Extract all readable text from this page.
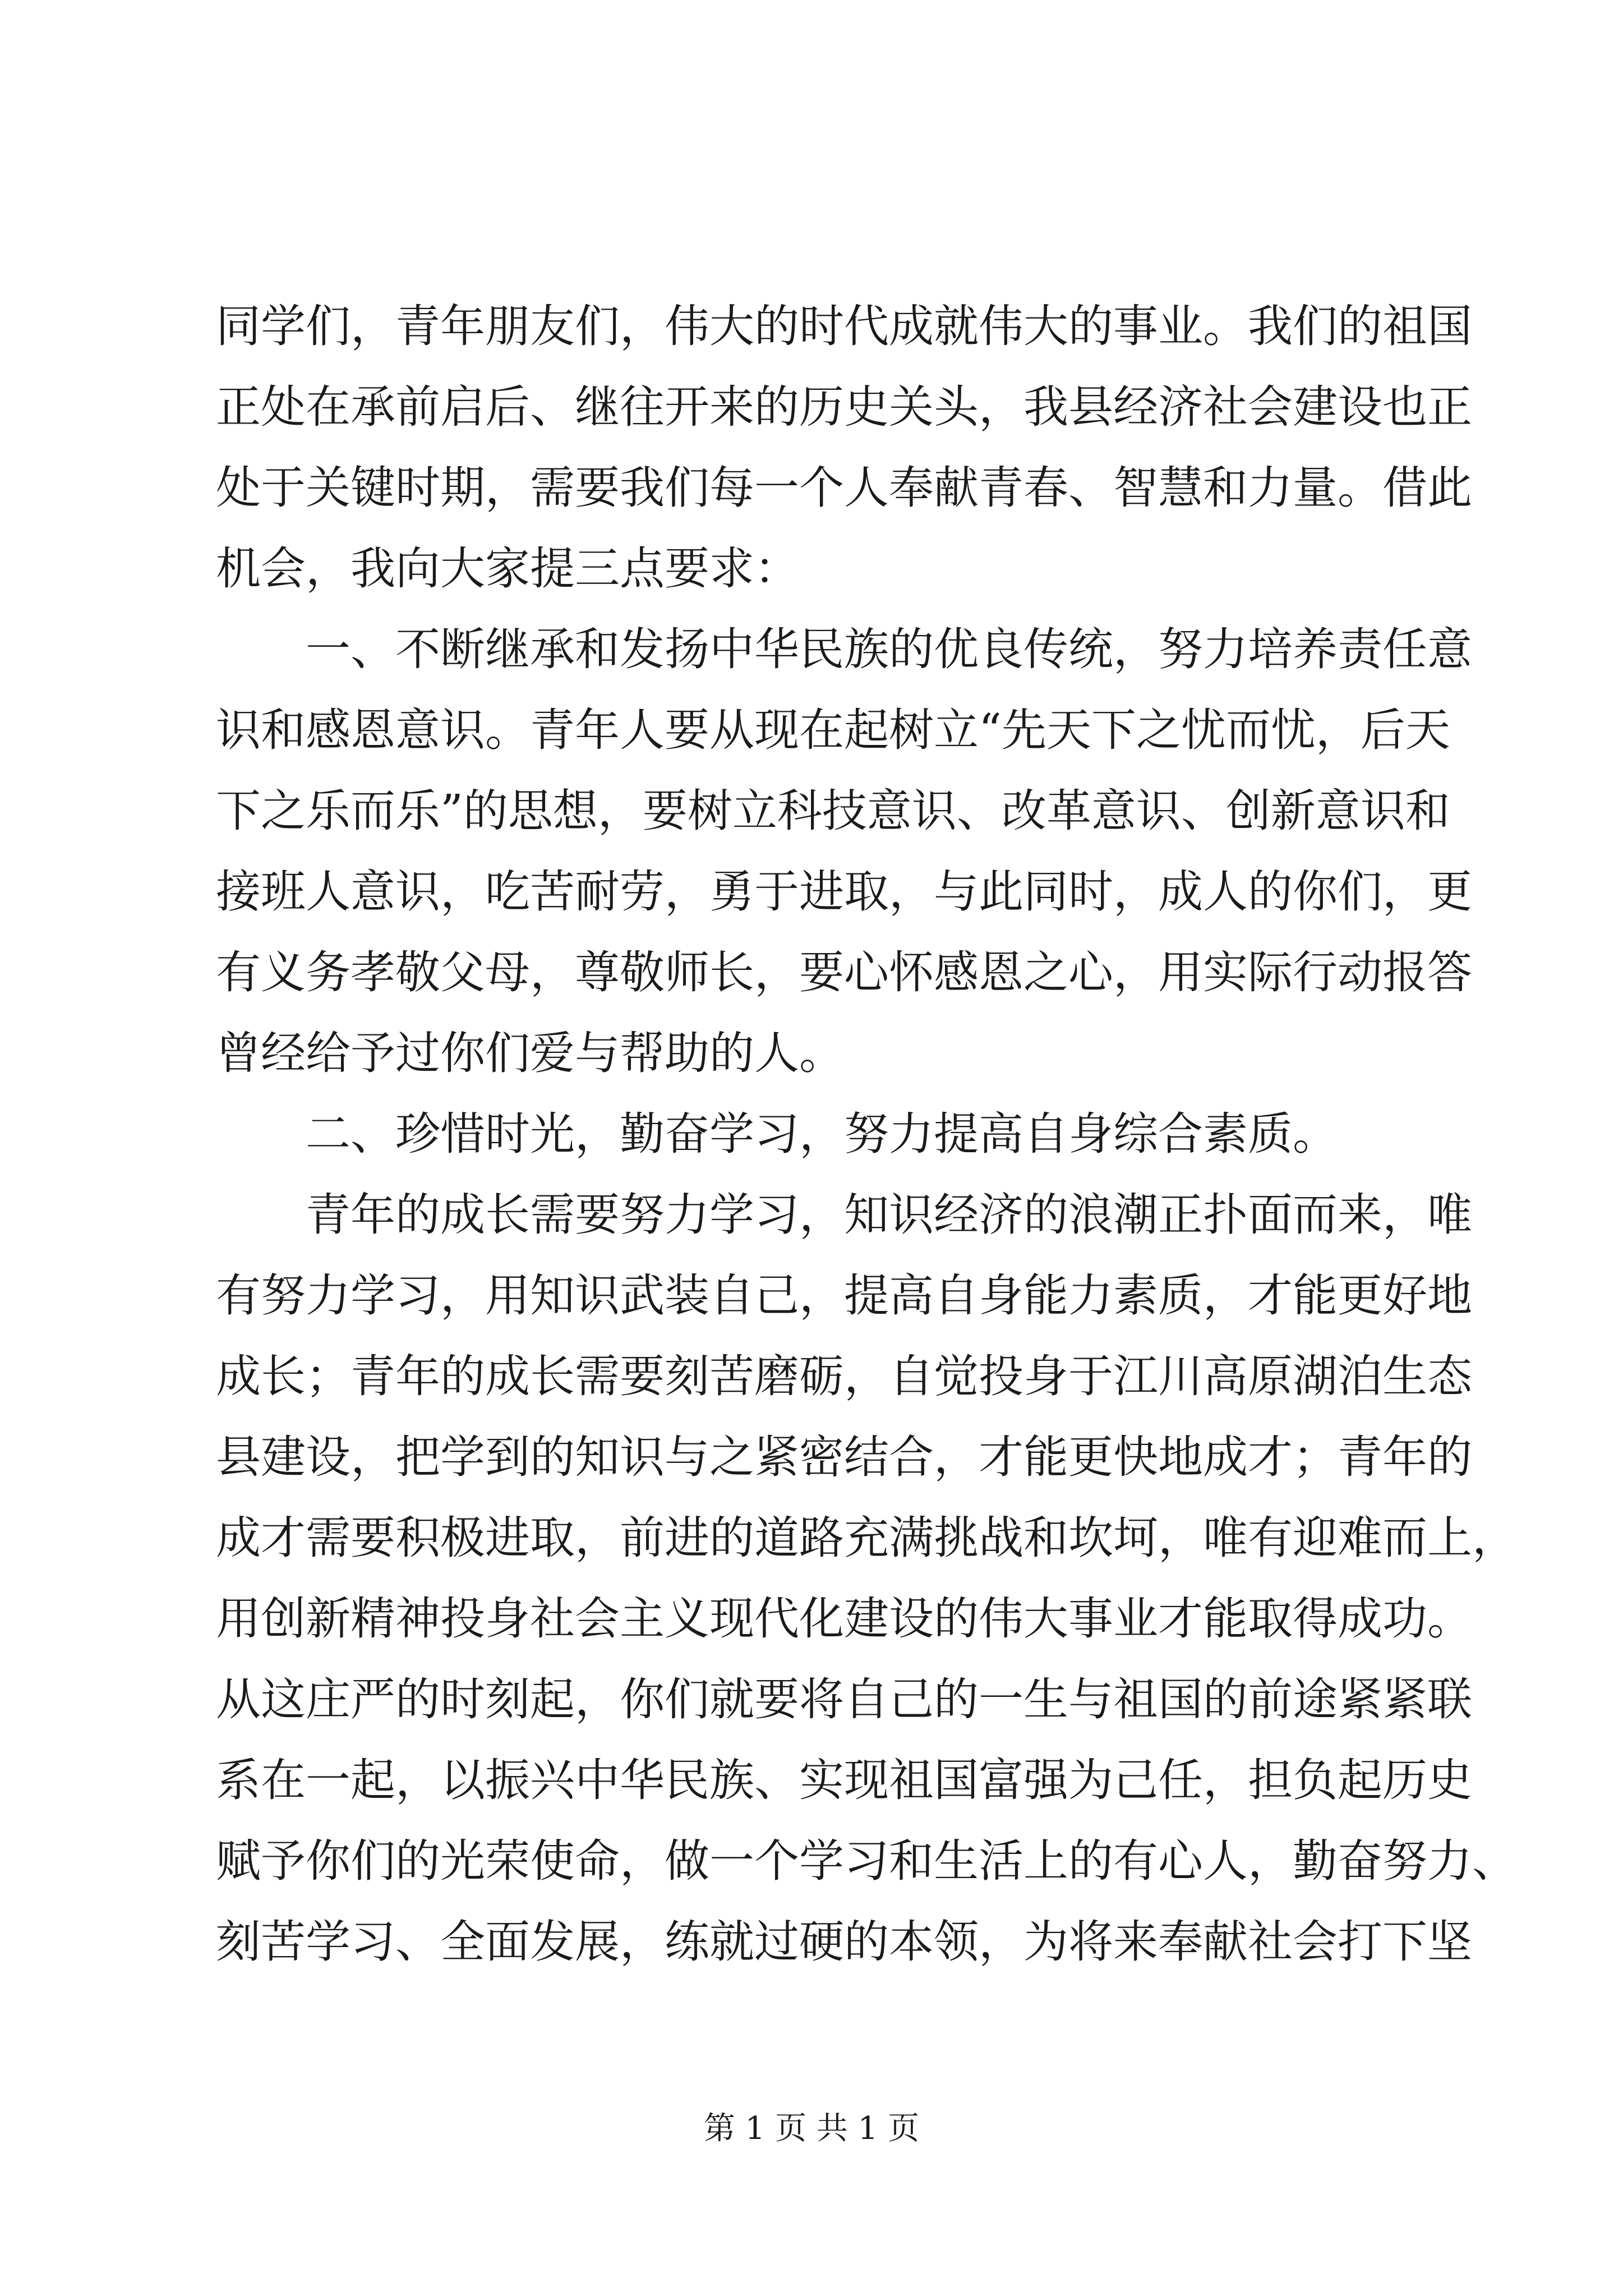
同学们，青年朋友们，伟大的时代成就伟大的事业。我们的祖国
正处在承前启后、继往开来的历史关头，我县经济社会建设也正
处于关键时期，需要我们每一个人奉献青春、智慧和力量。借此
机会，我向大家提三点要求：
一、不断继承和发扬中华民族的优良传统，努力培养责任意
识和感恩意识。青年人要从现在起树立“先天下之忧而忧，后天
下之乐而乐”的思想，要树立科技意识、改革意识、创新意识和
接班人意识，吃苦耐劳，勇于进取，与此同时，成人的你们，更
有义务孝敬父母，尊敬师长，要心怀感恩之心，用实际行动报答
曾经给予过你们爱与帮助的人。
二、珍惜时光，勤奋学习，努力提高自身综合素质。
青年的成长需要努力学习，知识经济的浪潮正扑面而来，唯
有努力学习，用知识武装自己，提高自身能力素质，才能更好地
成长；青年的成长需要刻苦磨砺，自觉投身于江川高原湖泊生态
县建设，把学到的知识与之紧密结合，才能更快地成才；青年的
成才需要积极进取，前进的道路充满挑战和坎坷，唯有迎难而上，
用创新精神投身社会主义现代化建设的伟大事业才能取得成功。
从这庄严的时刻起，你们就要将自己的一生与祖国的前途紧紧联
系在一起，以振兴中华民族、实现祖国富强为己任，担负起历史
赋予你们的光荣使命，做一个学习和生活上的有心人，勤奋努力、
刻苦学习、全面发展，练就过硬的本领，为将来奉献社会打下坚
第 1 页 共 1 页
